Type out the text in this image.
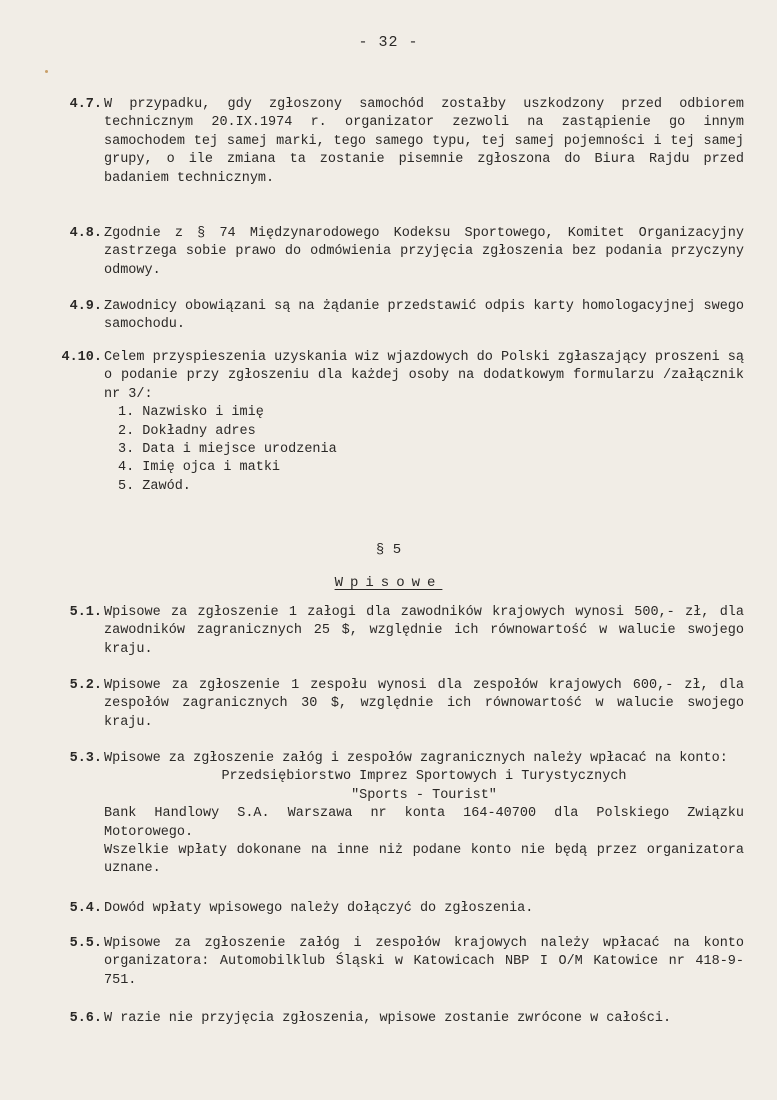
- 32 -
4.7. W przypadku, gdy zgłoszony samochód zostałby uszkodzony przed odbiorem technicznym 20.IX.1974 r. organizator zezwoli na zastąpienie go innym samochodem tej samej marki, tego samego typu, tej samej pojemności i tej samej grupy, o ile zmiana ta zostanie pisemnie zgłoszona do Biura Rajdu przed badaniem technicznym.
4.8. Zgodnie z § 74 Międzynarodowego Kodeksu Sportowego, Komitet Organizacyjny zastrzega sobie prawo do odmówienia przyjęcia zgłoszenia bez podania przyczyny odmowy.
4.9. Zawodnicy obowiązani są na żądanie przedstawić odpis karty homologacyjnej swego samochodu.
4.10. Celem przyspieszenia uzyskania wiz wjazdowych do Polski zgłaszający proszeni są o podanie przy zgłoszeniu dla każdej osoby na dodatkowym formularzu /załącznik nr 3/:

1. Nazwisko i imię
2. Dokładny adres
3. Data i miejsce urodzenia
4. Imię ojca i matki
5. Zawód.
§ 5
Wpisowe
5.1. Wpisowe za zgłoszenie 1 załogi dla zawodników krajowych wynosi 500,- zł, dla zawodników zagranicznych 25 $, względnie ich równowartość w walucie swojego kraju.
5.2. Wpisowe za zgłoszenie 1 zespołu wynosi dla zespołów krajowych 600,- zł, dla zespołów zagranicznych 30 $, względnie ich równowartość w walucie swojego kraju.
5.3. Wpisowe za zgłoszenie załóg i zespołów zagranicznych należy wpłacać na konto:

Przedsiębiorstwo Imprez Sportowych i Turystycznych

"Sports - Tourist"

Bank Handlowy S.A. Warszawa nr konta 164-40700 dla Polskiego Związku Motorowego.

Wszelkie wpłaty dokonane na inne niż podane konto nie będą przez organizatora uznane.

5.4. Dowód wpłaty wpisowego należy dołączyć do zgłoszenia.
5.5. Wpisowe za zgłoszenie załóg i zespołów krajowych należy wpłacać na konto organizatora: Automobilklub Śląski w Katowicach NBP I O/M Katowice nr 418-9-751.
5.6. W razie nie przyjęcia zgłoszenia, wpisowe zostanie zwrócone w całości.
